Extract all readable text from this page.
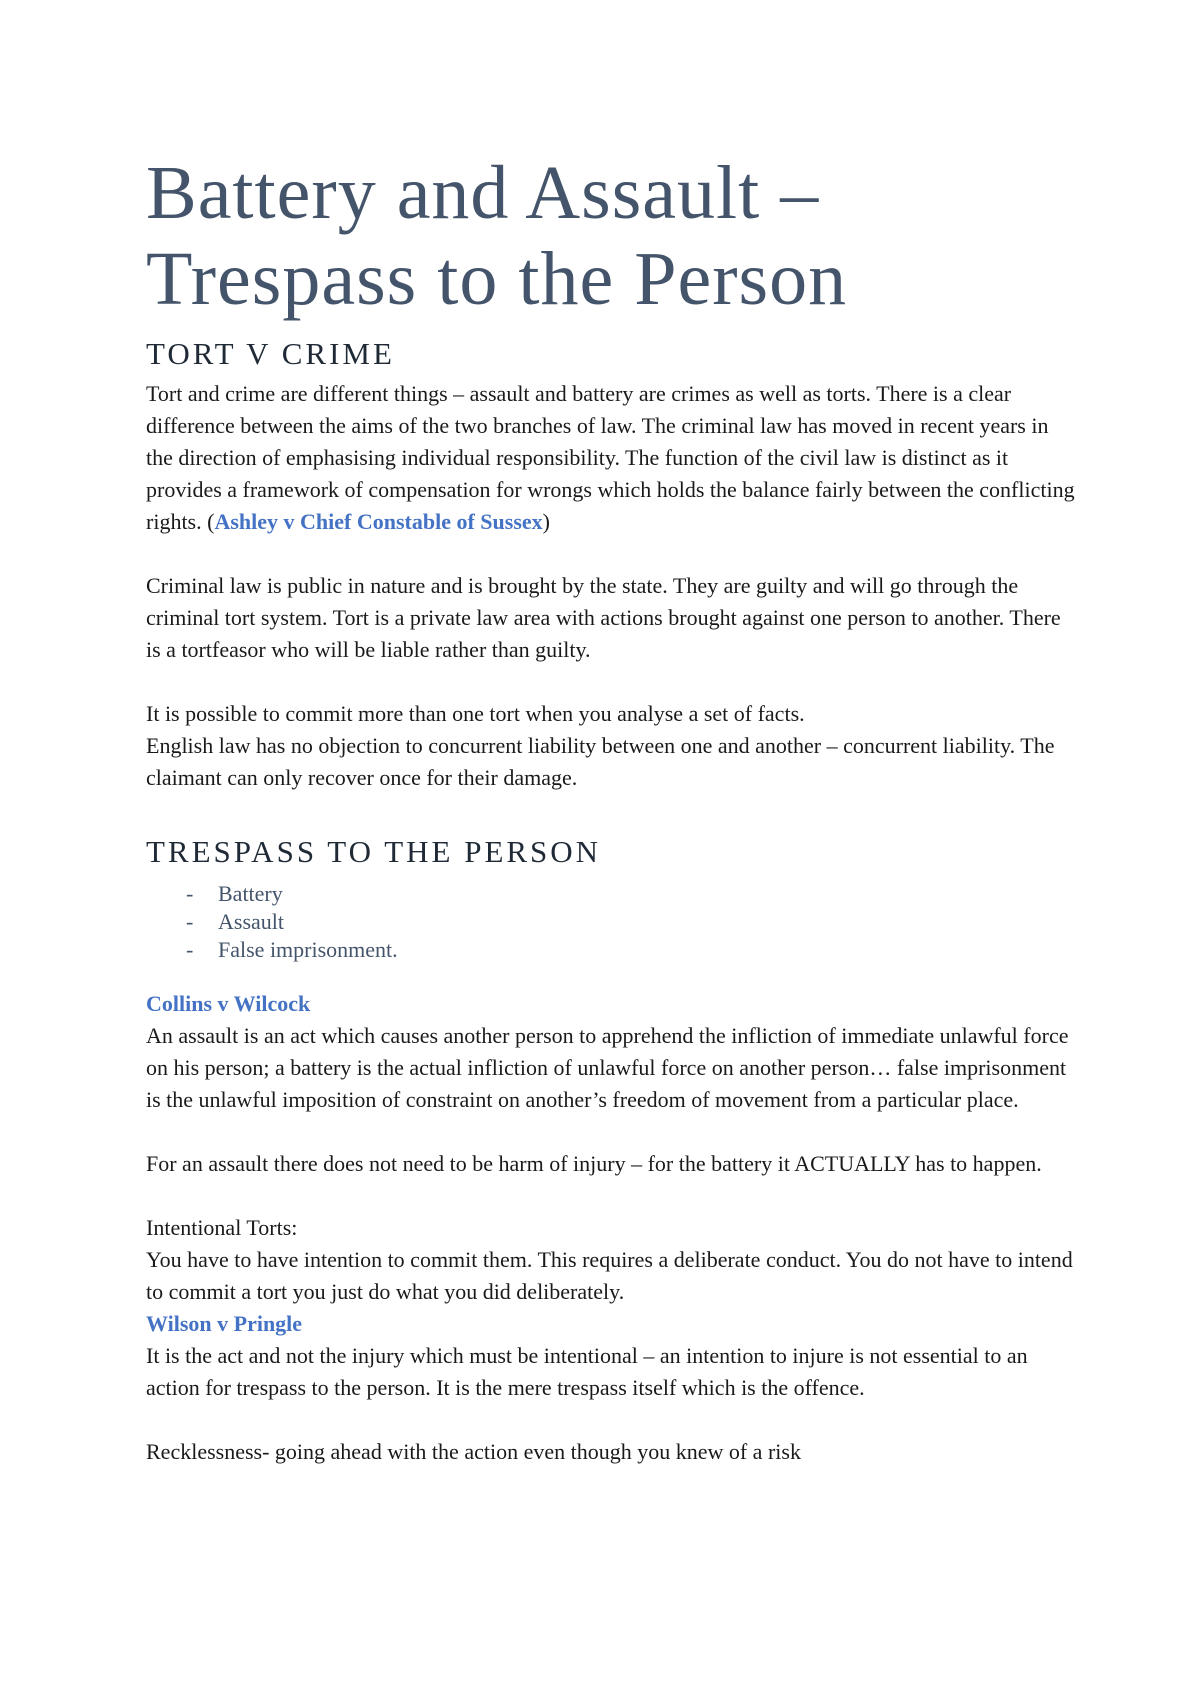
Battery and Assault –
Trespass to the Person
TORT V CRIME

Tort and crime are different things – assault and battery are crimes as well as torts. There is a clear difference between the aims of the two branches of law. The criminal law has moved in recent years in the direction of emphasising individual responsibility. The function of the civil law is distinct as it provides a framework of compensation for wrongs which holds the balance fairly between the conflicting rights. (Ashley v Chief Constable of Sussex)

Criminal law is public in nature and is brought by the state. They are guilty and will go through the criminal tort system. Tort is a private law area with actions brought against one person to another. There is a tortfeasor who will be liable rather than guilty.

It is possible to commit more than one tort when you analyse a set of facts.

English law has no objection to concurrent liability between one and another – concurrent liability. The claimant can only recover once for their damage.

TRESPASS TO THE PERSON
- Battery
- Assault
- False imprisonment.
Collins v Wilcock

An assault is an act which causes another person to apprehend the infliction of immediate unlawful force on his person; a battery is the actual infliction of unlawful force on another person… false imprisonment is the unlawful imposition of constraint on another’s freedom of movement from a particular place.

For an assault there does not need to be harm of injury – for the battery it ACTUALLY has to happen.

Intentional Torts:

You have to have intention to commit them. This requires a deliberate conduct. You do not have to intend to commit a tort you just do what you did deliberately.

Wilson v Pringle

It is the act and not the injury which must be intentional – an intention to injure is not essential to an action for trespass to the person. It is the mere trespass itself which is the offence.

Recklessness- going ahead with the action even though you knew of a risk
